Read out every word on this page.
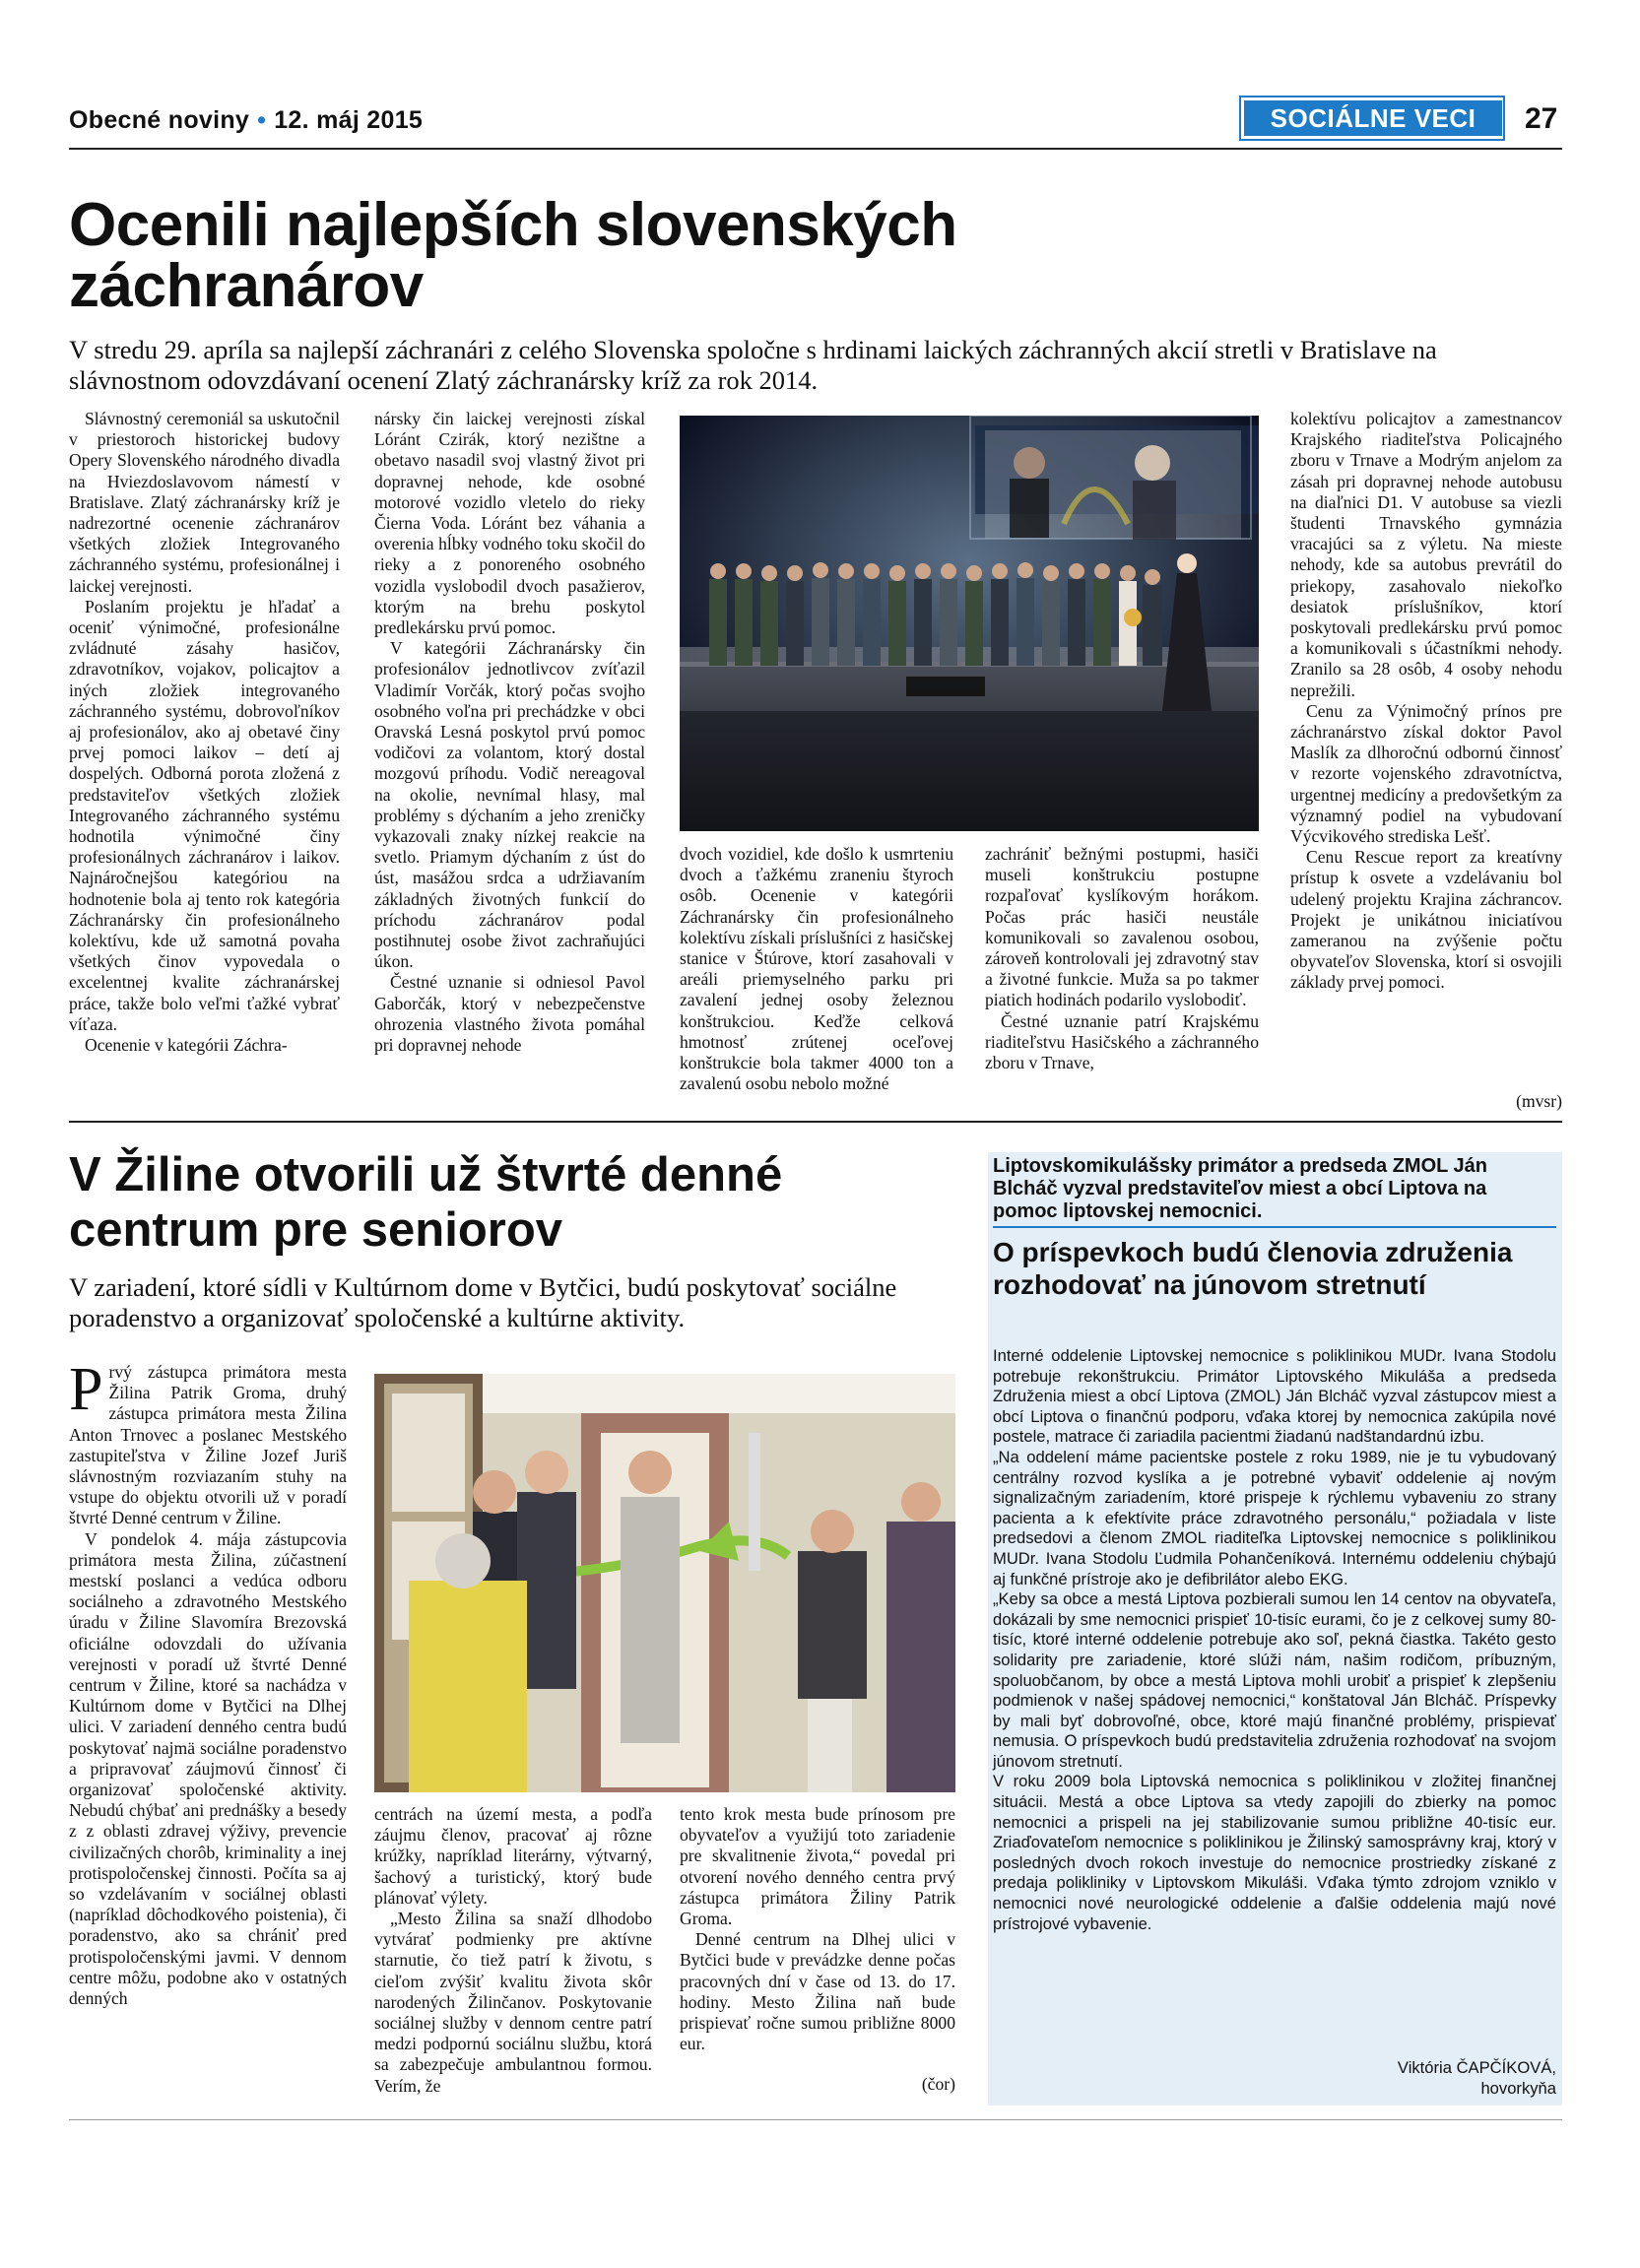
Obecné noviny • 12. máj 2015	SOCIÁLNE VECI	27
Ocenili najlepších slovenských záchranárov
V stredu 29. apríla sa najlepší záchranári z celého Slovenska spoločne s hrdinami laických záchranných akcií stretli v Bratislave na slávnostnom odovzdávaní ocenení Zlatý záchranársky kríž za rok 2014.

Slávnostný ceremoniál sa uskutočnil v priestoroch historickej budovy Opery Slovenského národného divadla na Hviezdoslavovom námestí v Bratislave. Zlatý záchranársky kríž je nadrezortné ocenenie záchranárov všetkých zložiek Integrovaného záchranného systému, profesionálnej i laickej verejnosti.

Poslaním projektu je hľadať a oceniť výnimočné, profesionálne zvládnuté zásahy hasičov, zdravotníkov, vojakov, policajtov a iných zložiek integrovaného záchranného systému, dobrovoľníkov aj profesionálov, ako aj obetavé činy prvej pomoci laikov – detí aj dospelých. Odborná porota zložená z predstaviteľov všetkých zložiek Integrovaného záchranného systému hodnotila výnimočné činy profesionálnych záchranárov i laikov. Najnáročnejšou kategóriou na hodnotenie bola aj tento rok kategória Záchranársky čin profesionálneho kolektívu, kde už samotná povaha všetkých činov vypovedala o excelentnej kvalite záchranárskej práce, takže bolo veľmi ťažké vybrať víťaza.

Ocenenie v kategórii Záchra-

nársky čin laickej verejnosti získal Lóránt Czirák, ktorý nezištne a obetavo nasadil svoj vlastný život pri dopravnej nehode, kde osobné motorové vozidlo vletelo do rieky Čierna Voda. Lóránt bez váhania a overenia hĺbky vodného toku skočil do rieky a z ponoreného osobného vozidla vyslobodil dvoch pasažierov, ktorým na brehu poskytol predlekársku prvú pomoc.

V kategórii Záchranársky čin profesionálov jednotlivcov zvíťazil Vladimír Vorčák, ktorý počas svojho osobného voľna pri prechádzke v obci Oravská Lesná poskytol prvú pomoc vodičovi za volantom, ktorý dostal mozgovú príhodu. Vodič nereagoval na okolie, nevnímal hlasy, mal problémy s dýchaním a jeho zreničky vykazovali znaky nízkej reakcie na svetlo. Priamym dýchaním z úst do úst, masážou srdca a udržiavaním základných životných funkcií do príchodu záchranárov podal postihnutej osobe život zachraňujúci úkon.

Čestné uznanie si odniesol Pavol Gaborčák, ktorý v nebezpečenstve ohrozenia vlastného života pomáhal pri dopravnej nehode

dvoch vozidiel, kde došlo k usmrteniu dvoch a ťažkému zraneniu štyroch osôb. Ocenenie v kategórii Záchranársky čin profesionálneho kolektívu získali príslušníci z hasičskej stanice v Štúrove, ktorí zasahovali v areáli priemyselného parku pri zavalení jednej osoby železnou konštrukciou. Keďže celková hmotnosť zrútenej oceľovej konštrukcie bola takmer 4000 ton a zavalenú osobu nebolo možné

zachrániť bežnými postupmi, hasiči museli konštrukciu postupne rozpaľovať kyslíkovým horákom. Počas prác hasiči neustále komunikovali so zavalenou osobou, zároveň kontrolovali jej zdravotný stav a životné funkcie. Muža sa po takmer piatich hodinách podarilo vyslobodiť.

Čestné uznanie patrí Krajskému riaditeľstvu Hasičského a záchranného zboru v Trnave,

kolektívu policajtov a zamestnancov Krajského riaditeľstva Policajného zboru v Trnave a Modrým anjelom za zásah pri dopravnej nehode autobusu na diaľnici D1. V autobuse sa viezli študenti Trnavského gymnázia vracajúci sa z výletu. Na mieste nehody, kde sa autobus prevrátil do priekopy, zasahovalo niekoľko desiatok príslušníkov, ktorí poskytovali predlekársku prvú pomoc a komunikovali s účastníkmi nehody. Zranilo sa 28 osôb, 4 osoby nehodu neprežili.

Cenu za Výnimočný prínos pre záchranárstvo získal doktor Pavol Maslík za dlhoročnú odbornú činnosť v rezorte vojenského zdravotníctva, urgentnej medicíny a predovšetkým za významný podiel na vybudovaní Výcvikového strediska Lešť.

Cenu Rescue report za kreatívny prístup k osvete a vzdelávaniu bol udelený projektu Krajina záchrancov. Projekt je unikátnou iniciatívou zameranou na zvýšenie počtu obyvateľov Slovenska, ktorí si osvojili základy prvej pomoci.

(mvsr)
V Žiline otvorili už štvrté denné centrum pre seniorov
V zariadení, ktoré sídli v Kultúrnom dome v Bytčici, budú poskytovať sociálne poradenstvo a organizovať spoločenské a kultúrne aktivity.

Prvý zástupca primátora mesta Žilina Patrik Groma, druhý zástupca primátora mesta Žilina Anton Trnovec a poslanec Mestského zastupiteľstva v Žiline Jozef Juriš slávnostným rozviazaním stuhy na vstupe do objektu otvorili už v poradí štvrté Denné centrum v Žiline.

V pondelok 4. mája zástupcovia primátora mesta Žilina, zúčastnení mestskí poslanci a vedúca odboru sociálneho a zdravotného Mestského úradu v Žiline Slavomíra Brezovská oficiálne odovzdali do užívania verejnosti v poradí už štvrté Denné centrum v Žiline, ktoré sa nachádza v Kultúrnom dome v Bytčici na Dlhej ulici. V zariadení denného centra budú poskytovať najmä sociálne poradenstvo a pripravovať záujmovú činnosť či organizovať spoločenské aktivity. Nebudú chýbať ani prednášky a besedy z z oblasti zdravej výživy, prevencie civilizačných chorôb, kriminality a inej protispoločenskej činnosti. Počíta sa aj so vzdelávaním v sociálnej oblasti (napríklad dôchodkového poistenia), či poradenstvo, ako sa chrániť pred protispoločenskými javmi. V dennom centre môžu, podobne ako v ostatných denných

centrách na území mesta, a podľa záujmu členov, pracovať aj rôzne krúžky, napríklad literárny, výtvarný, šachový a turistický, ktorý bude plánovať výlety.

„Mesto Žilina sa snaží dlhodobo vytvárať podmienky pre aktívne starnutie, čo tiež patrí k životu, s cieľom zvýšiť kvalitu života skôr narodených Žilinčanov. Poskytovanie sociálnej služby v dennom centre patrí medzi podpornú sociálnu službu, ktorá sa zabezpečuje ambulantnou formou. Verím, že

tento krok mesta bude prínosom pre obyvateľov a využijú toto zariadenie pre skvalitnenie života,“ povedal pri otvorení nového denného centra prvý zástupca primátora Žiliny Patrik Groma.

Denné centrum na Dlhej ulici v Bytčici bude v prevádzke denne počas pracovných dní v čase od 13. do 17. hodiny. Mesto Žilina naň bude prispievať ročne sumou približne 8000 eur.

(čor)
Liptovskomikulášsky primátor a predseda ZMOL Ján Blcháč vyzval predstaviteľov miest a obcí Liptova na pomoc liptovskej nemocnici.
O príspevkoch budú členovia združenia rozhodovať na júnovom stretnutí

Interné oddelenie Liptovskej nemocnice s poliklinikou MUDr. Ivana Stodolu potrebuje rekonštrukciu. Primátor Liptovského Mikuláša a predseda Združenia miest a obcí Liptova (ZMOL) Ján Blcháč vyzval zástupcov miest a obcí Liptova o finančnú podporu, vďaka ktorej by nemocnica zakúpila nové postele, matrace či zariadila pacientmi žiadanú nadštandardnú izbu.

„Na oddelení máme pacientske postele z roku 1989, nie je tu vybudovaný centrálny rozvod kyslíka a je potrebné vybaviť oddelenie aj novým signalizačným zariadením, ktoré prispeje k rýchlemu vybaveniu zo strany pacienta a k efektívite práce zdravotného personálu,“ požiadala v liste predsedovi a členom ZMOL riaditeľka Liptovskej nemocnice s poliklinikou MUDr. Ivana Stodolu Ľudmila Pohančeníková. Internému oddeleniu chýbajú aj funkčné prístroje ako je defibrilátor alebo EKG.

„Keby sa obce a mestá Liptova pozbierali sumou len 14 centov na obyvateľa, dokázali by sme nemocnici prispieť 10-tisíc eurami, čo je z celkovej sumy 80-tisíc, ktoré interné oddelenie potrebuje ako soľ, pekná čiastka. Takéto gesto solidarity pre zariadenie, ktoré slúži nám, našim rodičom, príbuzným, spoluobčanom, by obce a mestá Liptova mohli urobiť a prispieť k zlepšeniu podmienok v našej spádovej nemocnici,“ konštatoval Ján Blcháč. Príspevky by mali byť dobrovoľné, obce, ktoré majú finančné problémy, prispievať nemusia. O príspevkoch budú predstavitelia združenia rozhodovať na svojom júnovom stretnutí.

V roku 2009 bola Liptovská nemocnica s poliklinikou v zložitej finančnej situácii. Mestá a obce Liptova sa vtedy zapojili do zbierky na pomoc nemocnici a prispeli na jej stabilizovanie sumou približne 40-tisíc eur. Zriaďovateľom nemocnice s poliklinikou je Žilinský samosprávny kraj, ktorý v posledných dvoch rokoch investuje do nemocnice prostriedky získané z predaja polikliniky v Liptovskom Mikuláši. Vďaka týmto zdrojom vzniklo v nemocnici nové neurologické oddelenie a ďalšie oddelenia majú nové prístrojové vybavenie.

Viktória ČAPČÍKOVÁ,
hovorkyňa
